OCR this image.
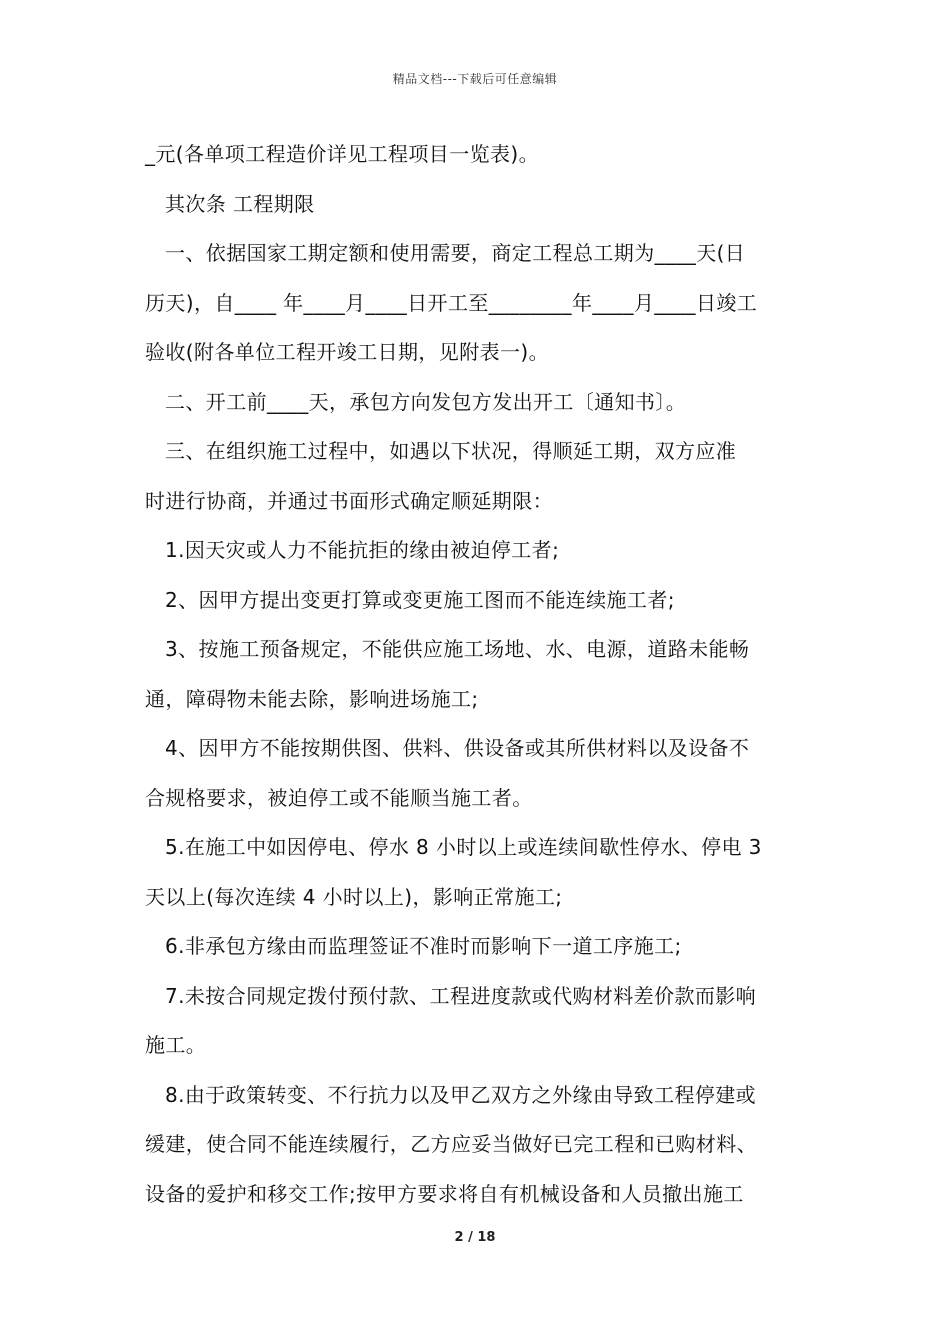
精品文档---下载后可任意编辑

_元(各单项工程造价详见工程项目一览表)。

其次条 工程期限

一、依据国家工期定额和使用需要，商定工程总工期为____天(日

历天)，自____ 年____月____日开工至________年____月____日竣工

验收(附各单位工程开竣工日期，见附表一)。

二、开工前____天，承包方向发包方发出开工〔通知书〕。

三、在组织施工过程中，如遇以下状况，得顺延工期，双方应准

时进行协商，并通过书面形式确定顺延期限：

1.因天灾或人力不能抗拒的缘由被迫停工者;

2、因甲方提出变更打算或变更施工图而不能连续施工者;

3、按施工预备规定，不能供应施工场地、水、电源，道路未能畅

通，障碍物未能去除，影响进场施工;

4、因甲方不能按期供图、供料、供设备或其所供材料以及设备不

合规格要求，被迫停工或不能顺当施工者。

5.在施工中如因停电、停水 8 小时以上或连续间歇性停水、停电 3

天以上(每次连续 4 小时以上)，影响正常施工;

6.非承包方缘由而监理签证不准时而影响下一道工序施工;

7.未按合同规定拨付预付款、工程进度款或代购材料差价款而影响

施工。

8.由于政策转变、不行抗力以及甲乙双方之外缘由导致工程停建或

缓建，使合同不能连续履行，乙方应妥当做好已完工程和已购材料、

设备的爱护和移交工作;按甲方要求将自有机械设备和人员撤出施工

2 / 18
